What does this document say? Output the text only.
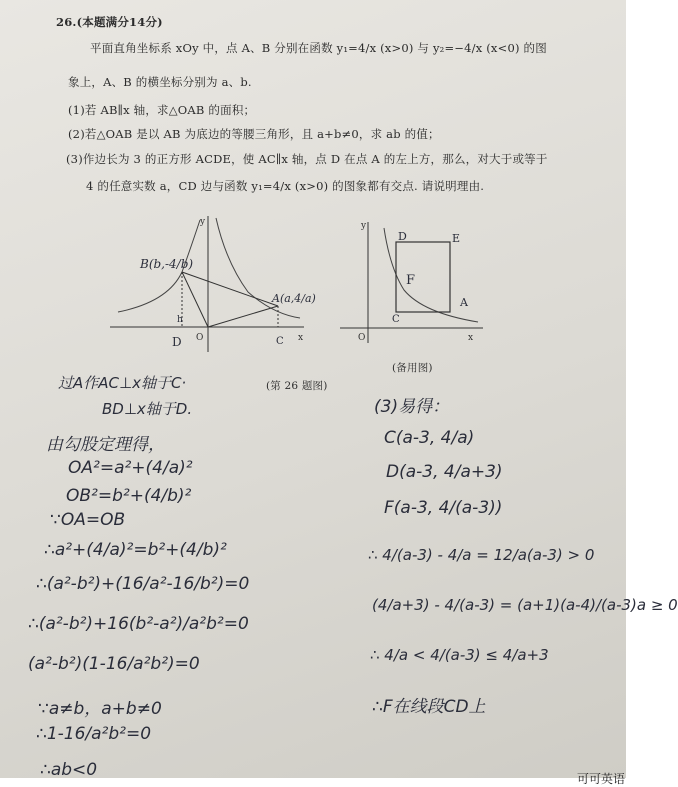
26.(本题满分14分)
平面直角坐标系 xOy 中，点 A、B 分别在函数 y₁=4/x (x>0) 与 y₂=−4/x (x<0) 的图
象上，A、B 的横坐标分别为 a、b.
(1)若 AB∥x 轴，求△OAB 的面积；
(2)若△OAB 是以 AB 为底边的等腰三角形，且 a+b≠0，求 ab 的值；
(3)作边长为 3 的正方形 ACDE，使 AC∥x 轴，点 D 在点 A 的左上方，那么，对大于或等于
4 的任意实数 a，CD 边与函数 y₁=4/x (x>0) 的图象都有交点. 请说明理由.
y
x
B(b,-4/b)
A(a,4/a)
D O	C
h
y
x
D	E
F
C
A
O
(第 26 题图)
(备用图)
过A作AC⊥x轴于C·
BD⊥x轴于D.
由勾股定理得，
OA²=a²+(4/a)²
OB²=b²+(4/b)²
∵OA=OB
∴a²+(4/a)²=b²+(4/b)²
∴(a²-b²)+(16/a²-16/b²)=0
∴(a²-b²)+16(b²-a²)/a²b²=0
(a²-b²)(1-16/a²b²)=0
∵a≠b，a+b≠0
∴1-16/a²b²=0
∴ab<0
(3)易得：
C(a-3, 4/a)
D(a-3, 4/a+3)
F(a-3, 4/(a-3))
∴ 4/(a-3) - 4/a = 12/a(a-3) > 0
(4/a+3) - 4/(a-3) = (a+1)(a-4)/(a-3)a ≥ 0
∴ 4/a < 4/(a-3) ≤ 4/a+3
∴F在线段CD上
可可英语
